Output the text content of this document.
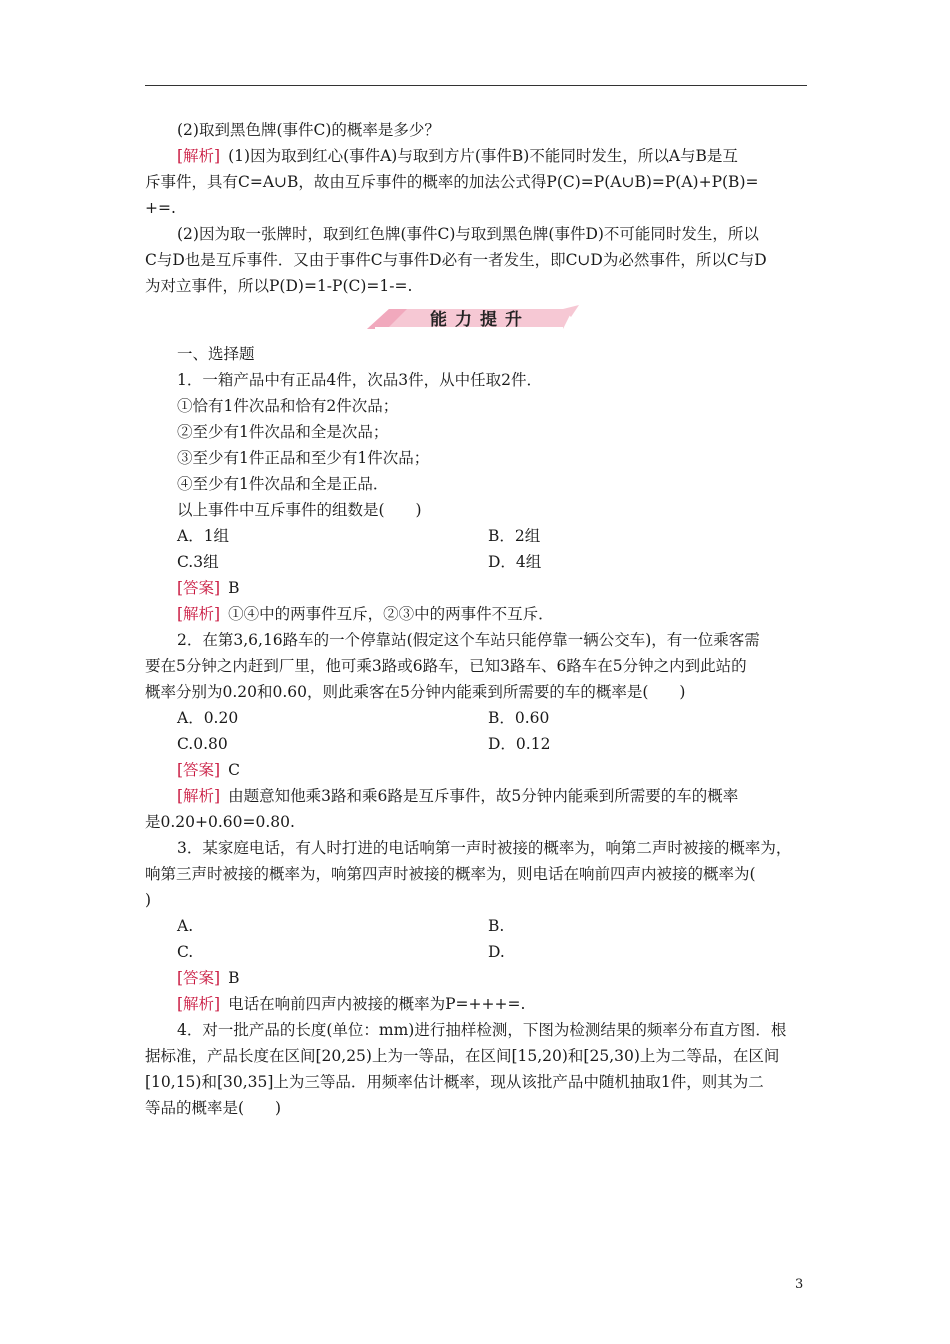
(2)取到黑色牌(事件C)的概率是多少？
[解析] (1)因为取到红心(事件A)与取到方片(事件B)不能同时发生，所以A与B是互
斥事件，具有C=A∪B，故由互斥事件的概率的加法公式得P(C)=P(A∪B)=P(A)+P(B)=
+=.
(2)因为取一张牌时，取到红色牌(事件C)与取到黑色牌(事件D)不可能同时发生，所以
C与D也是互斥事件．又由于事件C与事件D必有一者发生，即C∪D为必然事件，所以C与D
为对立事件，所以P(D)=1-P(C)=1-=.
能力提升
一、选择题
1．一箱产品中有正品4件，次品3件，从中任取2件．
①恰有1件次品和恰有2件次品；
②至少有1件次品和全是次品；
③至少有1件正品和至少有1件次品；
④至少有1件次品和全是正品．
以上事件中互斥事件的组数是(　　)
A．1组	B．2组
C.3组	D．4组
[答案] B
[解析] ①④中的两事件互斥，②③中的两事件不互斥．
2．在第3,6,16路车的一个停靠站(假定这个车站只能停靠一辆公交车)，有一位乘客需
要在5分钟之内赶到厂里，他可乘3路或6路车，已知3路车、6路车在5分钟之内到此站的
概率分别为0.20和0.60，则此乘客在5分钟内能乘到所需要的车的概率是(　　)
A．0.20	B．0.60
C.0.80	D．0.12
[答案] C
[解析] 由题意知他乘3路和乘6路是互斥事件，故5分钟内能乘到所需要的车的概率
是0.20+0.60=0.80.
3．某家庭电话，有人时打进的电话响第一声时被接的概率为，响第二声时被接的概率为，
响第三声时被接的概率为，响第四声时被接的概率为，则电话在响前四声内被接的概率为(
)
A.	B.
C.	D.
[答案] B
[解析] 电话在响前四声内被接的概率为P=+++=.
4．对一批产品的长度(单位：mm)进行抽样检测，下图为检测结果的频率分布直方图．根
据标准，产品长度在区间[20,25)上为一等品，在区间[15,20)和[25,30)上为二等品，在区间
[10,15)和[30,35]上为三等品．用频率估计概率，现从该批产品中随机抽取1件，则其为二
等品的概率是(　　)
3
